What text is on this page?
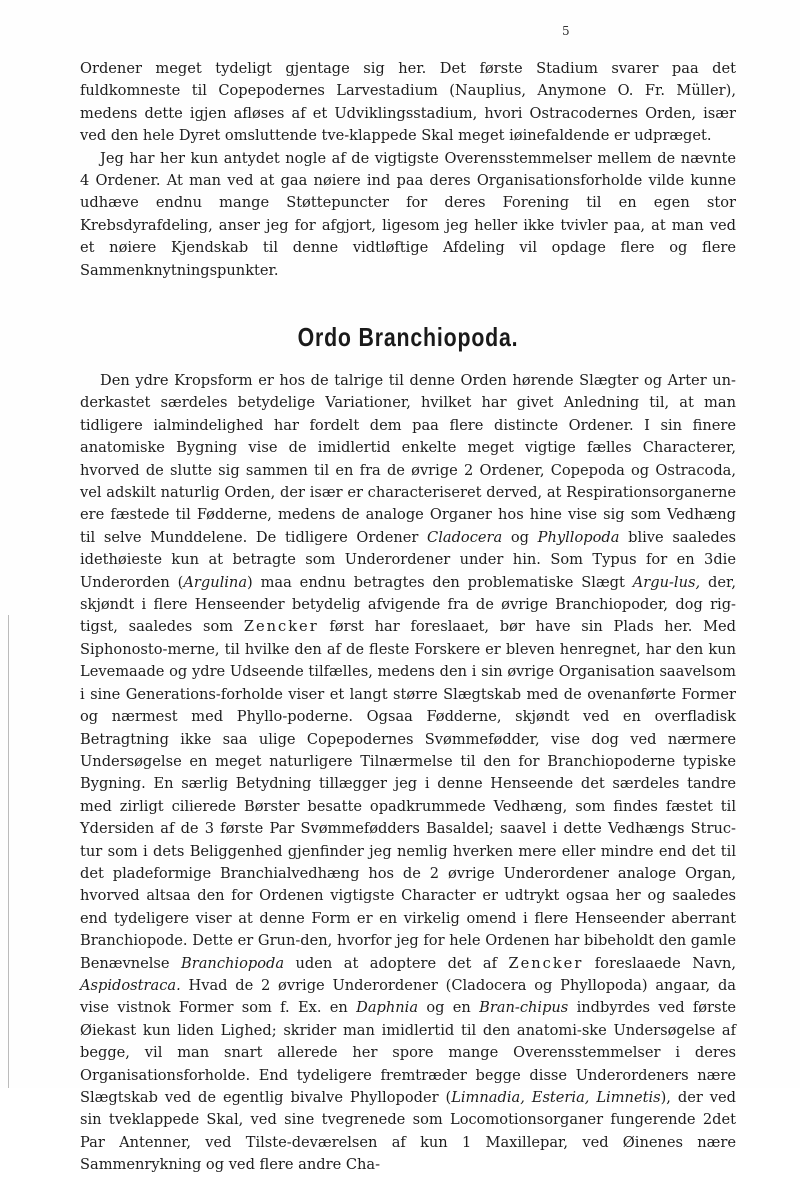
5

Ordener meget tydeligt gjentage sig her. Det første Stadium svarer paa det fuldkomneste til Copepodernes Larvestadium (Nauplius, Anymone O. Fr. Müller), medens dette igjen afløses af et Udviklingsstadium, hvori Ostracodernes Orden, især ved den hele Dyret omsluttende tve-klappede Skal meget iøinefaldende er udpræget.

Jeg har her kun antydet nogle af de vigtigste Overensstemmelser mellem de nævnte 4 Ordener. At man ved at gaa nøiere ind paa deres Organisationsforholde vilde kunne udhæve endnu mange Støttepuncter for deres Forening til en egen stor Krebsdyrafdeling, anser jeg for afgjort, ligesom jeg heller ikke tvivler paa, at man ved et nøiere Kjendskab til denne vidtløftige Afdeling vil opdage flere og flere Sammenknytningspunkter.

Ordo Branchiopoda.

Den ydre Kropsform er hos de talrige til denne Orden hørende Slægter og Arter un-derkastet særdeles betydelige Variationer, hvilket har givet Anledning til, at man tidligere ialmindelighed har fordelt dem paa flere distincte Ordener. I sin finere anatomiske Bygning vise de imidlertid enkelte meget vigtige fælles Characterer, hvorved de slutte sig sammen til en fra de øvrige 2 Ordener, Copepoda og Ostracoda, vel adskilt naturlig Orden, der især er characteriseret derved, at Respirationsorganerne ere fæstede til Fødderne, medens de analoge Organer hos hine vise sig som Vedhæng til selve Munddelene. De tidligere Ordener Cladocera og Phyllopoda blive saaledes idethøieste kun at betragte som Underordener under hin. Som Typus for en 3die Underorden (Argulina) maa endnu betragtes den problematiske Slægt Argu-lus, der, skjøndt i flere Henseender betydelig afvigende fra de øvrige Branchiopoder, dog rig-tigst, saaledes som Zencker først har foreslaaet, bør have sin Plads her. Med Siphonosto-merne, til hvilke den af de fleste Forskere er bleven henregnet, har den kun Levemaade og ydre Udseende tilfælles, medens den i sin øvrige Organisation saavelsom i sine Generations-forholde viser et langt større Slægtskab med de ovenanførte Former og nærmest med Phyllo-poderne. Ogsaa Fødderne, skjøndt ved en overfladisk Betragtning ikke saa ulige Copepodernes Svømmefødder, vise dog ved nærmere Undersøgelse en meget naturligere Tilnærmelse til den for Branchiopoderne typiske Bygning. En særlig Betydning tillægger jeg i denne Henseende det særdeles tandre med zirligt cilierede Børster besatte opadkrummede Vedhæng, som findes fæstet til Ydersiden af de 3 første Par Svømmefødders Basaldel; saavel i dette Vedhængs Struc-tur som i dets Beliggenhed gjenfinder jeg nemlig hverken mere eller mindre end det til det pladeformige Branchialvedhæng hos de 2 øvrige Underordener analoge Organ, hvorved altsaa den for Ordenen vigtigste Character er udtrykt ogsaa her og saaledes end tydeligere viser at denne Form er en virkelig omend i flere Henseender aberrant Branchiopode. Dette er Grun-den, hvorfor jeg for hele Ordenen har bibeholdt den gamle Benævnelse Branchiopoda uden at adoptere det af Zencker foreslaaede Navn, Aspidostraca. Hvad de 2 øvrige Underordener (Cladocera og Phyllopoda) angaar, da vise vistnok Former som f. Ex. en Daphnia og en Bran-chipus indbyrdes ved første Øiekast kun liden Lighed; skrider man imidlertid til den anatomi-ske Undersøgelse af begge, vil man snart allerede her spore mange Overensstemmelser i deres Organisationsforholde. End tydeligere fremtræder begge disse Underordeners nære Slægtskab ved de egentlig bivalve Phyllopoder (Limnadia, Esteria, Limnetis), der ved sin tveklappede Skal, ved sine tvegrenede som Locomotionsorganer fungerende 2det Par Antenner, ved Tilste-deværelsen af kun 1 Maxillepar, ved Øinenes nære Sammenrykning og ved flere andre Cha-
